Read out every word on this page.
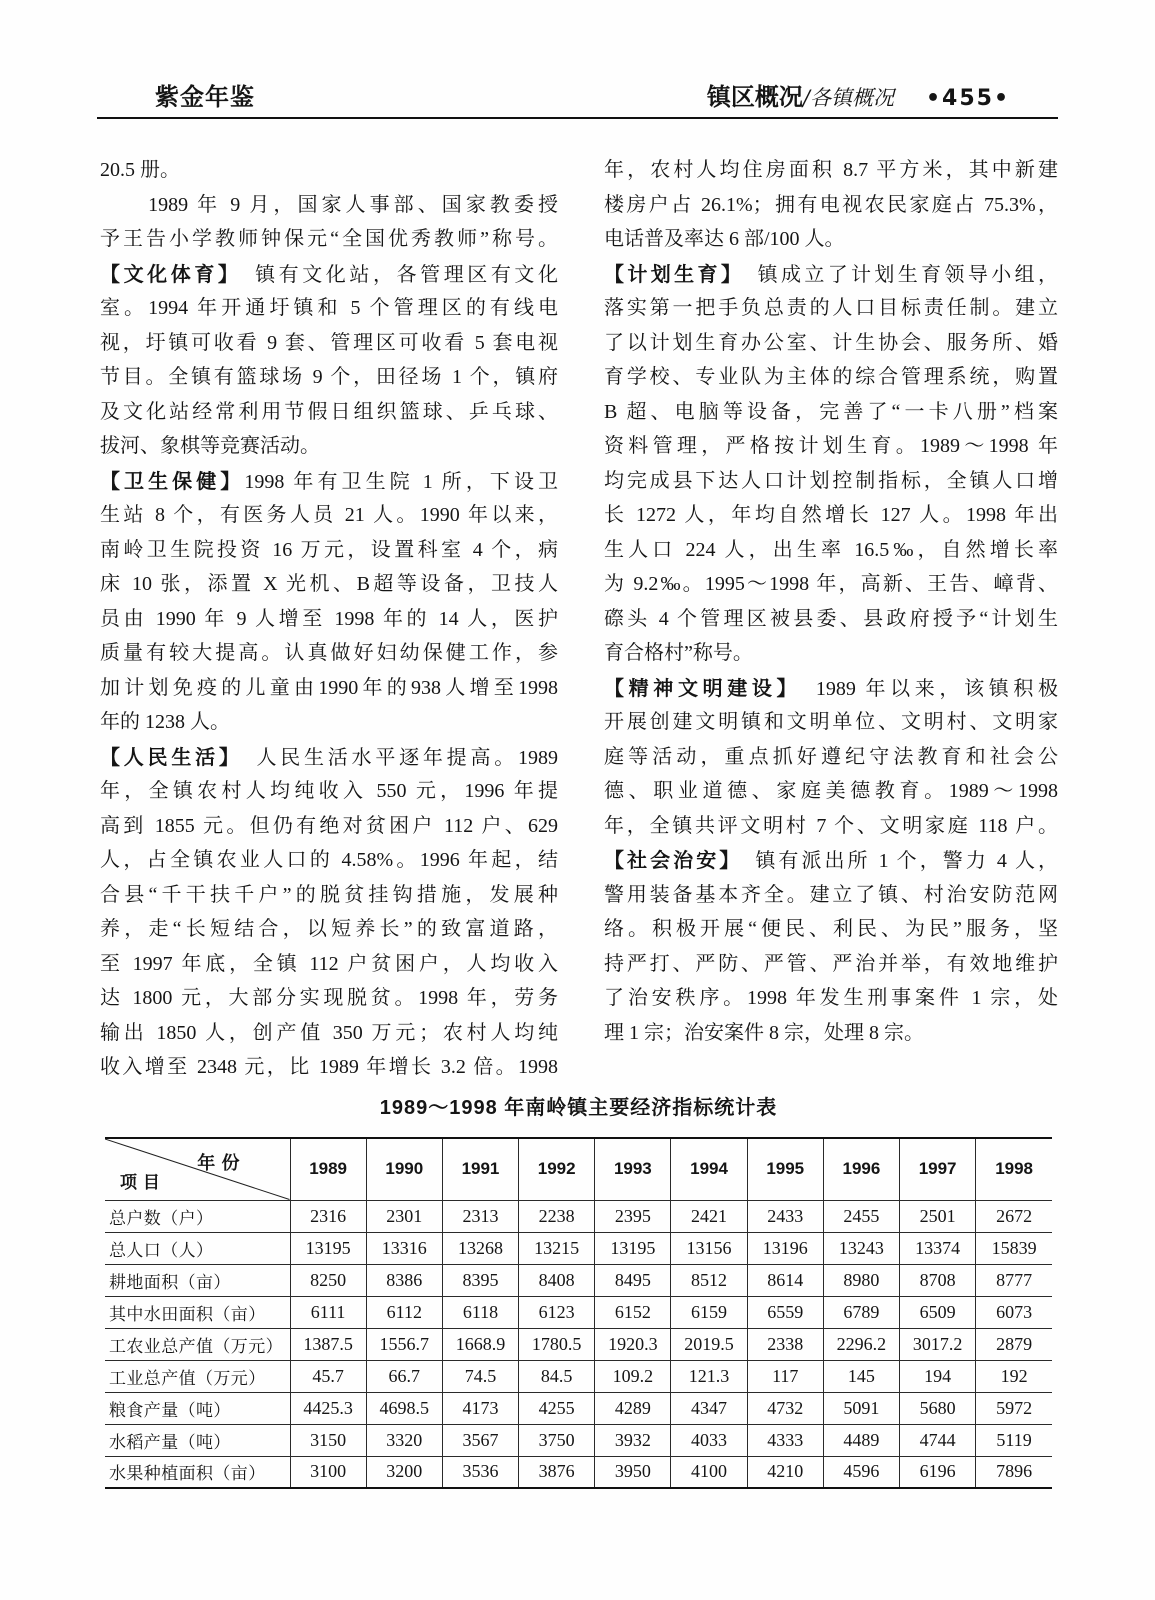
紫金年鉴	镇区概况/各镇概况 •455•
20.5 册。
　　1989 年 9 月，国家人事部、国家教委授
予王告小学教师钟保元“全国优秀教师”称号。
【文化体育】　镇有文化站，各管理区有文化
室。1994 年开通圩镇和 5 个管理区的有线电
视，圩镇可收看 9 套、管理区可收看 5 套电视
节目。全镇有篮球场 9 个，田径场 1 个，镇府
及文化站经常利用节假日组织篮球、乒乓球、
拔河、象棋等竞赛活动。
【卫生保健】1998 年有卫生院 1 所，下设卫
生站 8 个，有医务人员 21 人。1990 年以来，
南岭卫生院投资 16 万元，设置科室 4 个，病
床 10 张，添置 X 光机、B超等设备，卫技人
员由 1990 年 9 人增至 1998 年的 14 人，医护
质量有较大提高。认真做好妇幼保健工作，参
加计划免疫的儿童由1990年的938人增至1998
年的 1238 人。
【人民生活】　人民生活水平逐年提高。1989
年，全镇农村人均纯收入 550 元，1996 年提
高到 1855 元。但仍有绝对贫困户 112 户、629
人，占全镇农业人口的 4.58%。1996 年起，结
合县“千干扶千户”的脱贫挂钩措施，发展种
养，走“长短结合，以短养长”的致富道路，
至 1997 年底，全镇 112 户贫困户，人均收入
达 1800 元，大部分实现脱贫。1998 年，劳务
输出 1850 人，创产值 350 万元；农村人均纯
收入增至 2348 元，比 1989 年增长 3.2 倍。1998
年，农村人均住房面积 8.7 平方米，其中新建
楼房户占 26.1%；拥有电视农民家庭占 75.3%，
电话普及率达 6 部/100 人。
【计划生育】　镇成立了计划生育领导小组，
落实第一把手负总责的人口目标责任制。建立
了以计划生育办公室、计生协会、服务所、婚
育学校、专业队为主体的综合管理系统，购置
B 超、电脑等设备，完善了“一卡八册”档案
资料管理，严格按计划生育。1989～1998 年
均完成县下达人口计划控制指标，全镇人口增
长 1272 人，年均自然增长 127 人。1998 年出
生人口 224 人，出生率 16.5‰，自然增长率
为 9.2‰。1995～1998 年，高新、王告、嶂背、
磜头 4 个管理区被县委、县政府授予“计划生
育合格村”称号。
【精神文明建设】　1989 年以来，该镇积极
开展创建文明镇和文明单位、文明村、文明家
庭等活动，重点抓好遵纪守法教育和社会公
德、职业道德、家庭美德教育。1989～1998
年，全镇共评文明村 7 个、文明家庭 118 户。
【社会治安】　镇有派出所 1 个，警力 4 人，
警用装备基本齐全。建立了镇、村治安防范网
络。积极开展“便民、利民、为民”服务，坚
持严打、严防、严管、严治并举，有效地维护
了治安秩序。1998 年发生刑事案件 1 宗，处
理 1 宗；治安案件 8 宗，处理 8 宗。
1989～1998 年南岭镇主要经济指标统计表
年 份
项 目	1989	1990	1991	1992	1993	1994	1995	1996	1997	1998
总户数（户）	2316	2301	2313	2238	2395	2421	2433	2455	2501	2672
总人口（人）	13195	13316	13268	13215	13195	13156	13196	13243	13374	15839
耕地面积（亩）	8250	8386	8395	8408	8495	8512	8614	8980	8708	8777
其中水田面积（亩）	6111	6112	6118	6123	6152	6159	6559	6789	6509	6073
工农业总产值（万元）	1387.5	1556.7	1668.9	1780.5	1920.3	2019.5	2338	2296.2	3017.2	2879
工业总产值（万元）	45.7	66.7	74.5	84.5	109.2	121.3	117	145	194	192
粮食产量（吨）	4425.3	4698.5	4173	4255	4289	4347	4732	5091	5680	5972
水稻产量（吨）	3150	3320	3567	3750	3932	4033	4333	4489	4744	5119
水果种植面积（亩）	3100	3200	3536	3876	3950	4100	4210	4596	6196	7896
